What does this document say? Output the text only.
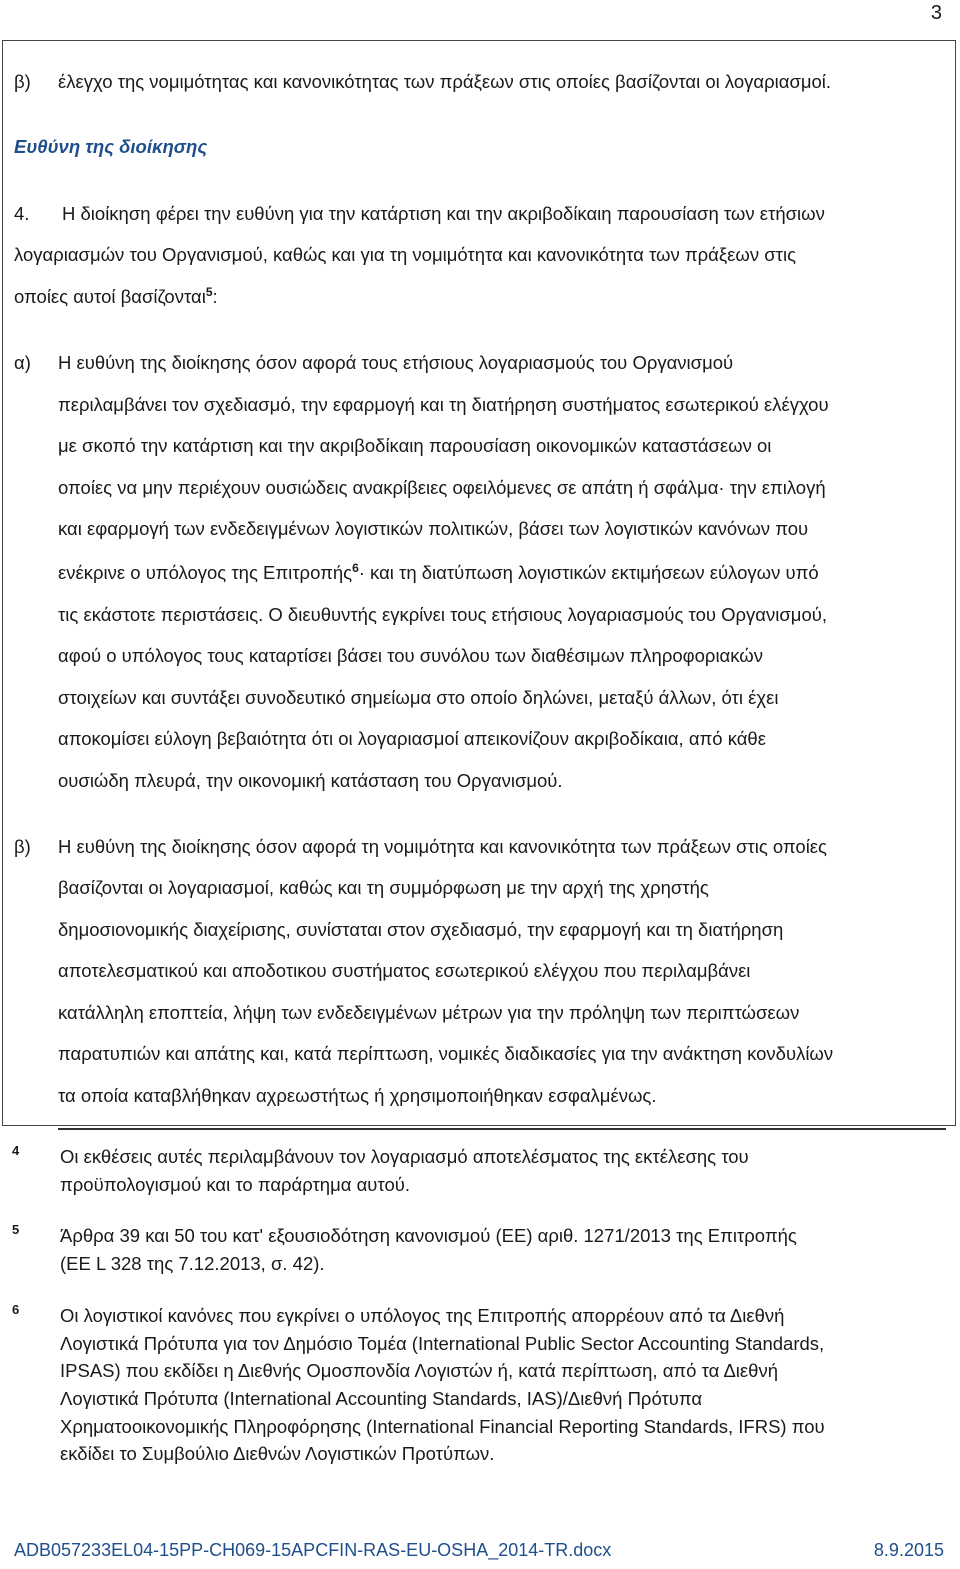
3
β) έλεγχο της νομιμότητας και κανονικότητας των πράξεων στις οποίες βασίζονται οι λογαριασμοί.
Ευθύνη της διοίκησης
4. Η διοίκηση φέρει την ευθύνη για την κατάρτιση και την ακριβοδίκαιη παρουσίαση των ετήσιων
λογαριασμών του Οργανισμού, καθώς και για τη νομιμότητα και κανονικότητα των πράξεων στις
οποίες αυτοί βασίζονται$^5$:
α) Η ευθύνη της διοίκησης όσον αφορά τους ετήσιους λογαριασμούς του Οργανισμού
περιλαμβάνει τον σχεδιασμό, την εφαρμογή και τη διατήρηση συστήματος εσωτερικού ελέγχου
με σκοπό την κατάρτιση και την ακριβοδίκαιη παρουσίαση οικονομικών καταστάσεων οι
οποίες να μην περιέχουν ουσιώδεις ανακρίβειες οφειλόμενες σε απάτη ή σφάλμα· την επιλογή
και εφαρμογή των ενδεδειγμένων λογιστικών πολιτικών, βάσει των λογιστικών κανόνων που
ενέκρινε ο υπόλογος της Επιτροπής$^6$· και τη διατύπωση λογιστικών εκτιμήσεων εύλογων υπό
τις εκάστοτε περιστάσεις. Ο διευθυντής εγκρίνει τους ετήσιους λογαριασμούς του Οργανισμού,
αφού ο υπόλογος τους καταρτίσει βάσει του συνόλου των διαθέσιμων πληροφοριακών
στοιχείων και συντάξει συνοδευτικό σημείωμα στο οποίο δηλώνει, μεταξύ άλλων, ότι έχει
αποκομίσει εύλογη βεβαιότητα ότι οι λογαριασμοί απεικονίζουν ακριβοδίκαια, από κάθε
ουσιώδη πλευρά, την οικονομική κατάσταση του Οργανισμού.
β) Η ευθύνη της διοίκησης όσον αφορά τη νομιμότητα και κανονικότητα των πράξεων στις οποίες
βασίζονται οι λογαριασμοί, καθώς και τη συμμόρφωση με την αρχή της χρηστής
δημοσιονομικής διαχείρισης, συνίσταται στον σχεδιασμό, την εφαρμογή και τη διατήρηση
αποτελεσματικού και αποδοτικου συστήματος εσωτερικού ελέγχου που περιλαμβάνει
κατάλληλη εποπτεία, λήψη των ενδεδειγμένων μέτρων για την πρόληψη των περιπτώσεων
παρατυπιών και απάτης και, κατά περίπτωση, νομικές διαδικασίες για την ανάκτηση κονδυλίων
τα οποία καταβλήθηκαν αχρεωστήτως ή χρησιμοποιήθηκαν εσφαλμένως.
4 Οι εκθέσεις αυτές περιλαμβάνουν τον λογαριασμό αποτελέσματος της εκτέλεσης του
προϋπολογισμού και το παράρτημα αυτού.
5 Άρθρα 39 και 50 του κατ' εξουσιοδότηση κανονισμού (ΕΕ) αριθ. 1271/2013 της Επιτροπής
(ΕΕ L 328 της 7.12.2013, σ. 42).
6 Οι λογιστικοί κανόνες που εγκρίνει ο υπόλογος της Επιτροπής απορρέουν από τα Διεθνή
Λογιστικά Πρότυπα για τον Δημόσιο Τομέα (International Public Sector Accounting Standards,
IPSAS) που εκδίδει η Διεθνής Ομοσπονδία Λογιστών ή, κατά περίπτωση, από τα Διεθνή
Λογιστικά Πρότυπα (International Accounting Standards, IAS)/Διεθνή Πρότυπα
Χρηματοοικονομικής Πληροφόρησης (International Financial Reporting Standards, IFRS) που
εκδίδει το Συμβούλιο Διεθνών Λογιστικών Προτύπων.
ADB057233EL04-15PP-CH069-15APCFIN-RAS-EU-OSHA_2014-TR.docx	8.9.2015
